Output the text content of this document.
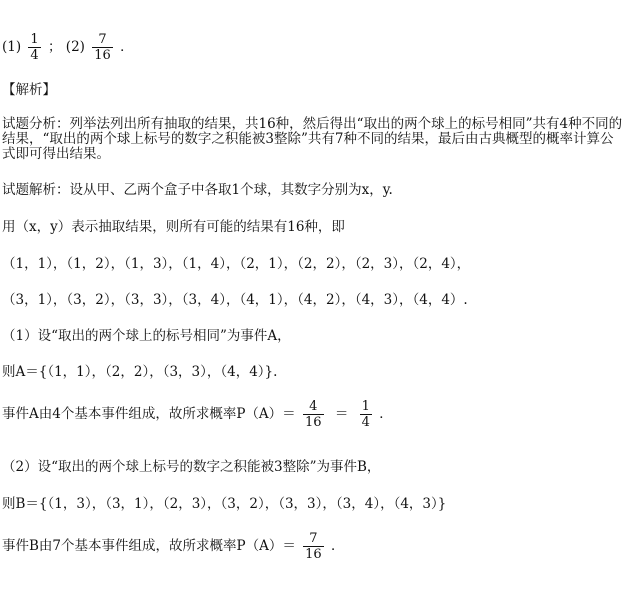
$(1) \frac{1}{4}$ ； $(2) \frac{7}{16}$ ．
【解析】
试题分析：列举法列出所有抽取的结果，共16种，然后得出“取出的两个球上的标号相同”共有4种不同的结果，“取出的两个球上标号的数字之积能被3整除”共有7种不同的结果，最后由古典概型的概率计算公式即可得出结果。
试题解析：设从甲、乙两个盒子中各取1个球，其数字分别为x，y.
用（x，y）表示抽取结果，则所有可能的结果有16种，即
（1，1），（1，2），（1，3），（1，4），（2，1），（2，2），（2，3），（2，4），
（3，1），（3，2），（3，3），（3，4），（4，1），（4，2），（4，3），（4，4）.
（1）设“取出的两个球上的标号相同”为事件A，
则A＝{（1，1），（2，2），（3，3），（4，4）}.
事件A由4个基本事件组成，故所求概率$P(A)= \frac{4}{16} = \frac{1}{4}$ ．
（2）设“取出的两个球上标号的数字之积能被3整除”为事件B，
则B＝{（1，3），（3，1），（2，3），（3，2），（3，3），（3，4），（4，3）}
事件B由7个基本事件组成，故所求概率$P(A)= \frac{7}{16}$ ．
